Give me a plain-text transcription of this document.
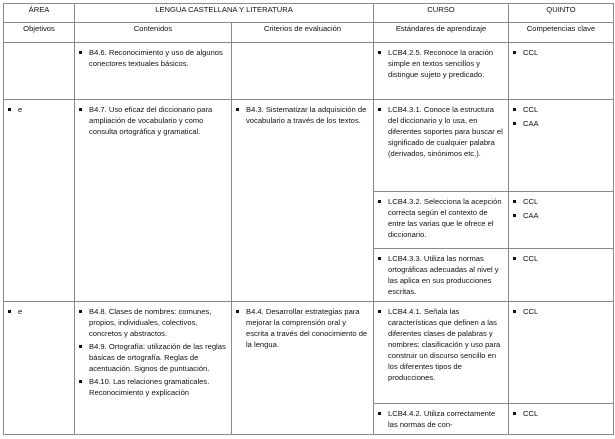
ÁREA	LENGUA CASTELLANA Y LITERATURA		CURSO	QUINTO
Objetivos	Contenidos	Criterios de evaluación	Estándares de aprendizaje	Competencias clave

	B4.6. Reconocimiento y uso de algunos conectores textuales básicos.		LCB4.2.5. Reconoce la oración simple en textos sencillos y distingue sujeto y predicado.	CCL

e	B4.7. Uso eficaz del diccionario para ampliación de vocabulario y como consulta ortográfica y gramatical.	B4.3. Sistematizar la adquisición de vocabulario a través de los textos.	LCB4.3.1. Conoce la estructura del diccionario y lo usa, en diferentes soportes para buscar el significado de cualquier palabra (derivados, sinónimos etc.).	CCL
CAA

			LCB4.3.2. Selecciona la acepción correcta según el contexto de entre las varias que le ofrece el diccionario.	CCL
CAA

			LCB4.3.3. Utiliza las normas ortográficas adecuadas al nivel y las aplica en sus producciones escritas.	CCL

e	B4.8. Clases de nombres: comunes, propios, individuales, colectivos, concretos y abstractos.
B4.9. Ortografía: utilización de las reglas básicas de ortografía. Reglas de acentuación. Signos de puntuación.
B4.10. Las relaciones gramaticales. Reconocimiento y explicación	B4.4. Desarrollar estrategias para mejorar la comprensión oral y escrita a través del conocimiento de la lengua.	LCB4.4.1. Señala las características que definen a las diferentes clases de palabras y nombres: clasificación y uso para construir un discurso sencillo en los diferentes tipos de producciones.	CCL

			LCB4.4.2. Utiliza correctamente las normas de con-	CCL
